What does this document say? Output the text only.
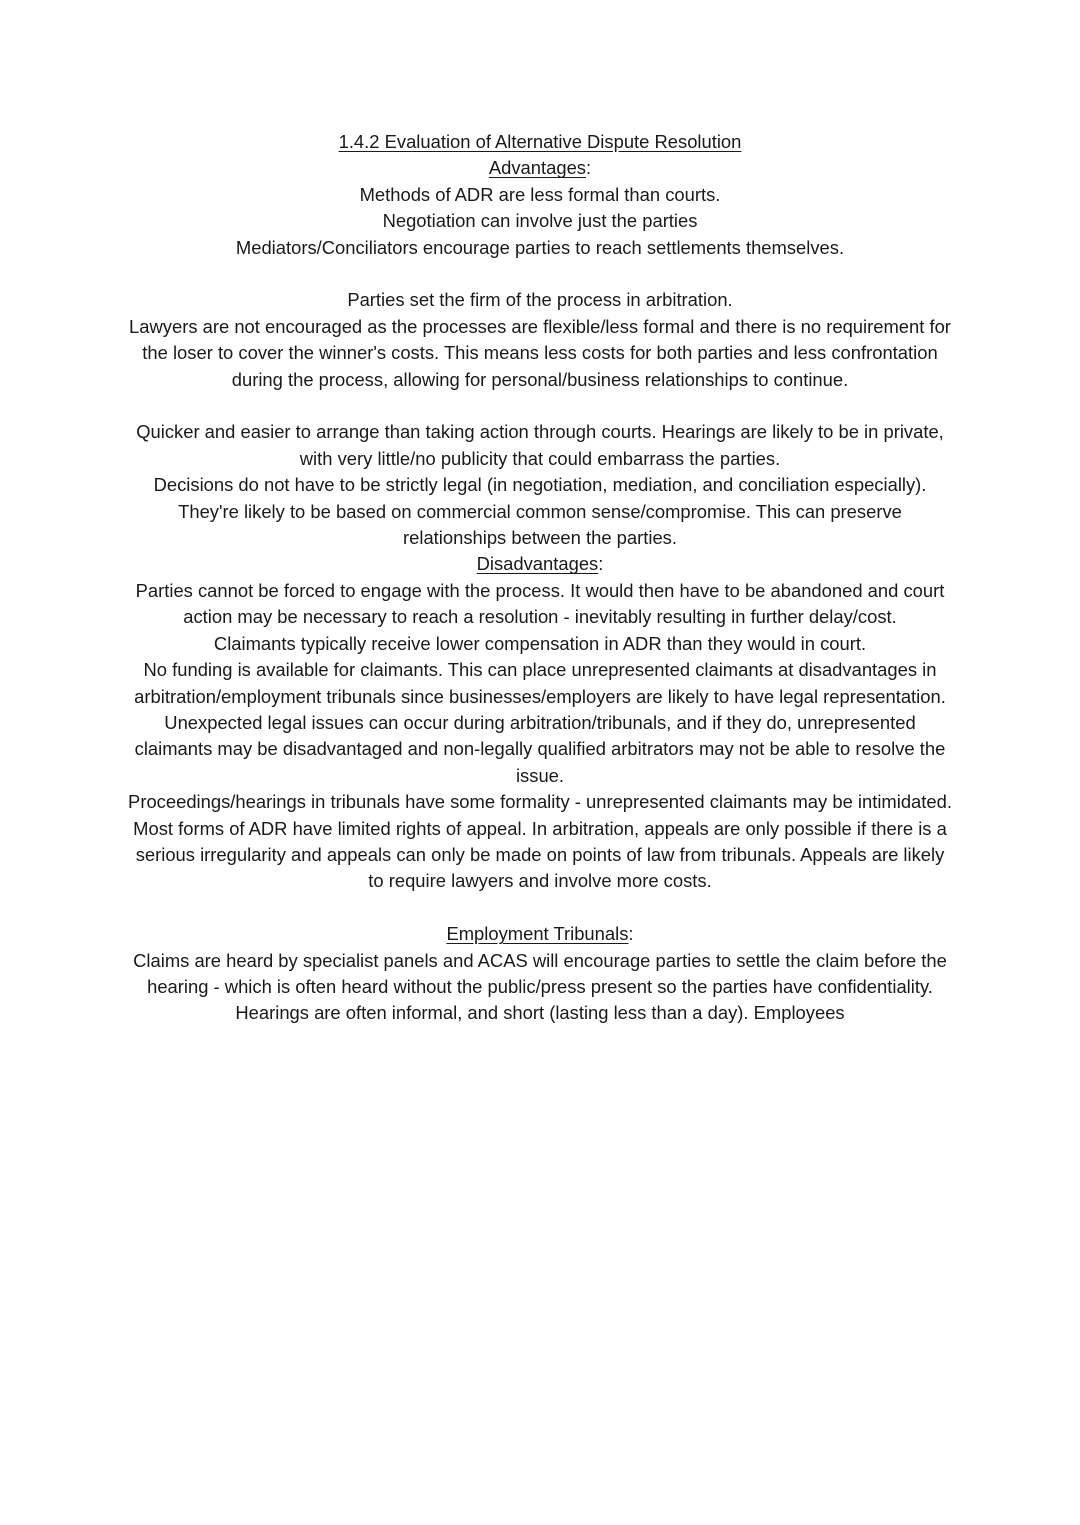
1.4.2 Evaluation of Alternative Dispute Resolution

Advantages:

Methods of ADR are less formal than courts.

Negotiation can involve just the parties

Mediators/Conciliators encourage parties to reach settlements themselves.

Parties set the firm of the process in arbitration.

Lawyers are not encouraged as the processes are flexible/less formal and there is no requirement for the loser to cover the winner's costs. This means less costs for both parties and less confrontation during the process, allowing for personal/business relationships to continue.

Quicker and easier to arrange than taking action through courts. Hearings are likely to be in private, with very little/no publicity that could embarrass the parties.

Decisions do not have to be strictly legal (in negotiation, mediation, and conciliation especially). They're likely to be based on commercial common sense/compromise. This can preserve relationships between the parties.

Disadvantages:

Parties cannot be forced to engage with the process. It would then have to be abandoned and court action may be necessary to reach a resolution - inevitably resulting in further delay/cost.

Claimants typically receive lower compensation in ADR than they would in court.

No funding is available for claimants. This can place unrepresented claimants at disadvantages in arbitration/employment tribunals since businesses/employers are likely to have legal representation.

Unexpected legal issues can occur during arbitration/tribunals, and if they do, unrepresented claimants may be disadvantaged and non-legally qualified arbitrators may not be able to resolve the issue.

Proceedings/hearings in tribunals have some formality - unrepresented claimants may be intimidated.

Most forms of ADR have limited rights of appeal. In arbitration, appeals are only possible if there is a serious irregularity and appeals can only be made on points of law from tribunals. Appeals are likely to require lawyers and involve more costs.

Employment Tribunals:

Claims are heard by specialist panels and ACAS will encourage parties to settle the claim before the hearing - which is often heard without the public/press present so the parties have confidentiality. Hearings are often informal, and short (lasting less than a day). Employees
